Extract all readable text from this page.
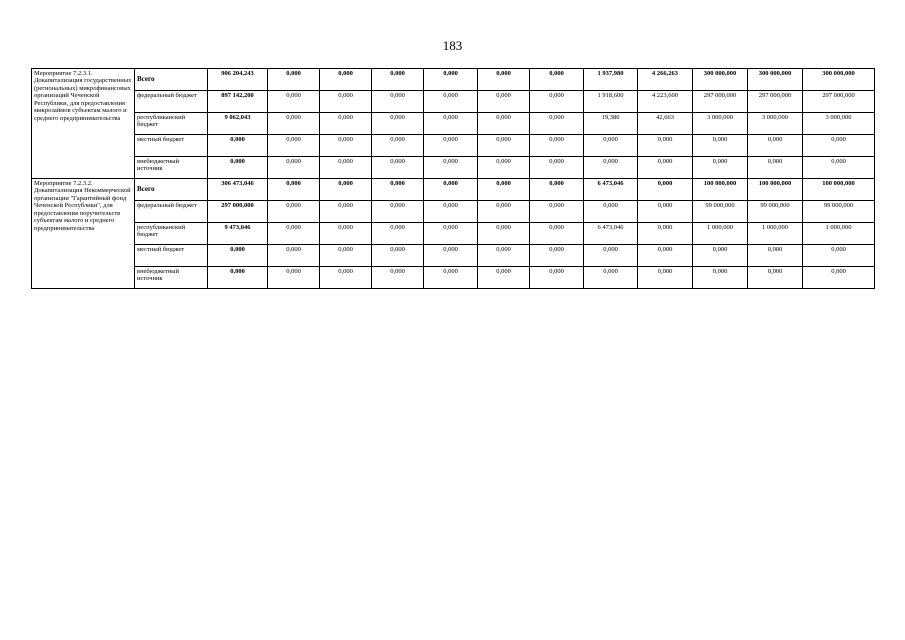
183
Мероприятие 7.2.3.1. Докапитализация государственных (региональных) микрофинансовых организаций Чеченской Республики, для предоставления микрозаймов субъектам малого и среднего предпринимательства	Всего	906 204,243	0,000	0,000	0,000	0,000	0,000	0,000	1 937,980	4 266,263	300 000,000	300 000,000	300 000,000
	федеральный бюджет	897 142,200	0,000	0,000	0,000	0,000	0,000	0,000	1 918,600	4 223,600	297 000,000	297 000,000	297 000,000
	республиканский бюджет	9 062,043	0,000	0,000	0,000	0,000	0,000	0,000	19,380	42,663	3 000,000	3 000,000	3 000,000
	местный бюджет	0,000	0,000	0,000	0,000	0,000	0,000	0,000	0,000	0,000	0,000	0,000	0,000
	внебюджетный источник	0,000	0,000	0,000	0,000	0,000	0,000	0,000	0,000	0,000	0,000	0,000	0,000
Мероприятие 7.2.3.2. Докапитализация Некоммерческой организации "Гарантийный фонд Чеченской Республики", для предоставления поручительств субъектам малого и среднего предпринимательства	Всего	306 473,046	0,000	0,000	0,000	0,000	0,000	0,000	6 473,046	0,000	100 000,000	100 000,000	100 000,000
	федеральный бюджет	297 000,000	0,000	0,000	0,000	0,000	0,000	0,000	0,000	0,000	99 000,000	99 000,000	99 000,000
	республиканский бюджет	9 473,046	0,000	0,000	0,000	0,000	0,000	0,000	6 473,046	0,000	1 000,000	1 000,000	1 000,000
	местный бюджет	0,000	0,000	0,000	0,000	0,000	0,000	0,000	0,000	0,000	0,000	0,000	0,000
	внебюджетный источник	0,000	0,000	0,000	0,000	0,000	0,000	0,000	0,000	0,000	0,000	0,000	0,000
